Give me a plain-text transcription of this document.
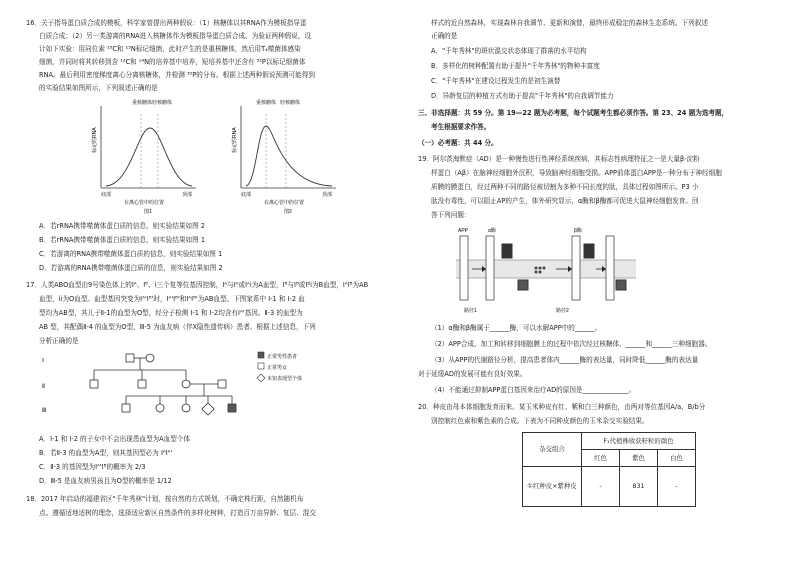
16．关于指导蛋白质合成的模板，科学家曾提出两种假说：（1）核糖体以其RNA作为模板指导蛋
白质合成；（2）另一类游离的RNA进入核糖体作为模板指导蛋白质合成。为验证两种假说，设
计如下实验：用同位素 ¹⁵C和 ¹⁵N标记细菌，此时产生的是重核糖体，然后用T₄噬菌体感染
细菌，并同时将其转移到含 ¹²C和 ¹⁴N的培养基中培养，短培养基中还含有 ³²P以标记细菌体
RNA。最后利用密度梯度离心分离核糖体，并检测 ³²P的分布。根据上述两种假说预测可能得到
的实验结果如图所示，下列叙述正确的是
标记的RNA
重核糖体 轻核糖体
底部	顶部
在离心管中的位置
图1
标记的RNA
重核糖体 轻核糖体
底部	顶部
在离心管中的位置
图2
A．若rRNA携带噬菌体蛋白质的信息，则实验结果如图 2
B．若rRNA携带噬菌体蛋白质的信息，则实验结果如图 1
C．若游离的RNA携带噬菌体蛋白质的信息，则实验结果如图 1
D．若游离的RNA携带噬菌体蛋白质的信息，则实验结果如图 2
17．人类ABO血型由9号染色体上的Iᴬ、Iᴮ、i三个复等位基因控制，Iᴬ与Iᴬ或Iᴬi为A血型，Iᴮ与Iᴮ或Iᴮi为B血型，IᴬIᴮ为AB
血型，ii为O血型。血型基因突变为Iᴬ'Iᴮ'时，Iᴬ'Iᴮ'和IᴬIᴮ'为AB血型。下图家系中 I-1 和 I-2 血
型均为AB型，其儿子Ⅱ-1的血型为O型，经分子检测 I-1 和 I-2均含有Iᴬ'基因。Ⅱ-3 的血型为
AB 型，其配偶Ⅱ-4 的血型为O型，Ⅲ-5 为血友病（伴X隐性遗传病）患者。根据上述信息，下列
分析正确的是
I
Ⅱ
Ⅲ
正常男性患者
正常男女
未知表现型个体
A．I-1 和 I-2 的子女中不会出现患血型为A血型个体
B．若Ⅱ-3 的血型为A型，则其基因型必为 IᴬIᴬ'
C．Ⅱ-3 的基因型为Iᴬ'Iᴮ的概率为 2/3
D．Ⅲ-5 是血友病男孩且为O型的概率是 1/12
18．2017 年启动的福建省区"千年秀林"计划，按自然的方式规划，不确定株行距，自然随机布
点。遵循适地适树的理念，选择适应新区自然条件的多样化树种，打造百万亩异龄、复层、混交
样式的近自然森林，实现森林自我调节、更新和演替，最终形成稳定的森林生态系统。下列叙述
正确的是
A．"千年秀林"的斑状混交状态体现了群落的水平结构
B．多样化的树种配置有助于提升"千年秀林"的物种丰富度
C．"千年秀林"在建设过程发生的是初生演替
D．异龄复层的种植方式有助于提高"千年秀林"的自我调节能力
三、非选择题：共 59 分。第 19—22 题为必考题，每个试题考生都必须作答。第 23、24 题为选考题，
考生根据要求作答。
（一）必考题：共 44 分。
19．阿尔茨海默症（AD）是一种慢性进行性神经系统疾病，其标志性病理特征之一是大量β-淀粉
样蛋白（Aβ）在脑神经细胞外沉积，导致脑神经细胞受损。APP前体蛋白APP是一种分布于神经细胞
质膜的膜蛋白，经过两种不同的路径被切割为多种不同长度的肽，具体过程如图所示。P3 小
肽没有毒性，可以阻止AP的产生，体外研究显示，α酶和β酶都可促进大鼠神经细胞发育。回
答下列问题：
APP	α酶	β酶
路径1	路径2
（1）α酶和β酶属于______酶，可以水解APP中的______。
（2）APP合成、加工和转移到细胞膜上的过程中依次经过核糖体、______和______三种细胞器。
（3）从APP的代谢路径分析，提高患者体内______酶的表达量，同时降低______酶的表达量
对于延缓AD的发展可能有良好效果。
（4）不能通过抑制APP蛋白基因来治疗AD的原因是______________。
20．种皮由母本体细胞发育而来。某玉米种皮有红、紫和白三种颜色，由两对等位基因A/a、B/b分
别控制红色素和紫色素的合成。下表为不同种皮颜色的玉米杂交实验结果。
杂交组合	F₁代植株收获籽粒的颜色		
	红色	紫色	白色
①红种皮×紫种皮	-	831	-
